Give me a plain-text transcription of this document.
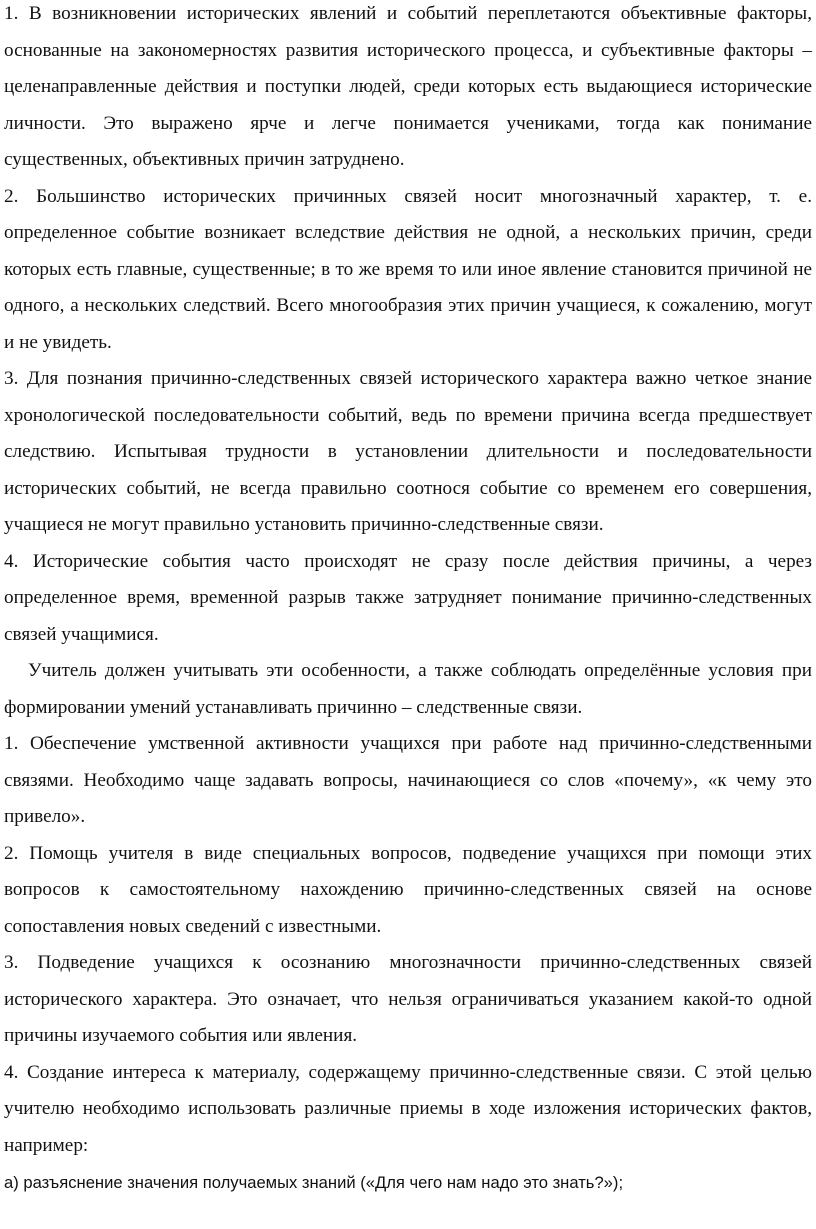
1. В возникновении исторических явлений и событий переплетаются объективные факторы, основанные на закономерностях развития исторического процесса, и субъективные факторы – целенаправленные действия и поступки людей, среди которых есть выдающиеся исторические личности. Это выражено ярче и легче понимается учениками, тогда как понимание существенных, объективных причин затруднено.

2. Большинство исторических причинных связей носит многозначный характер, т. е. определенное событие возникает вследствие действия не одной, а нескольких причин, среди которых есть главные, существенные; в то же время то или иное явление становится причиной не одного, а нескольких следствий. Всего многообразия этих причин учащиеся, к сожалению, могут и не увидеть.

3. Для познания причинно-следственных связей исторического характера важно четкое знание хронологической последовательности событий, ведь по времени причина всегда предшествует следствию. Испытывая трудности в установлении длительности и последовательности исторических событий, не всегда правильно соотнося событие со временем его совершения, учащиеся не могут правильно установить причинно-следственные связи.

4. Исторические события часто происходят не сразу после действия причины, а через определенное время, временной разрыв также затрудняет понимание причинно-следственных связей учащимися.

Учитель должен учитывать эти особенности, а также соблюдать определённые условия при формировании умений устанавливать причинно – следственные связи.

1. Обеспечение умственной активности учащихся при работе над причинно-следственными связями. Необходимо чаще задавать вопросы, начинающиеся со слов «почему», «к чему это привело».

2. Помощь учителя в виде специальных вопросов, подведение учащихся при помощи этих вопросов к самостоятельному нахождению причинно-следственных связей на основе сопоставления новых сведений с известными.

3. Подведение учащихся к осознанию многозначности причинно-следственных связей исторического характера. Это означает, что нельзя ограничиваться указанием какой-то одной причины изучаемого события или явления.

4. Создание интереса к материалу, содержащему причинно-следственные связи. С этой целью учителю необходимо использовать различные приемы в ходе изложения исторических фактов, например:

а) разъяснение значения получаемых знаний («Для чего нам надо это знать?»);
